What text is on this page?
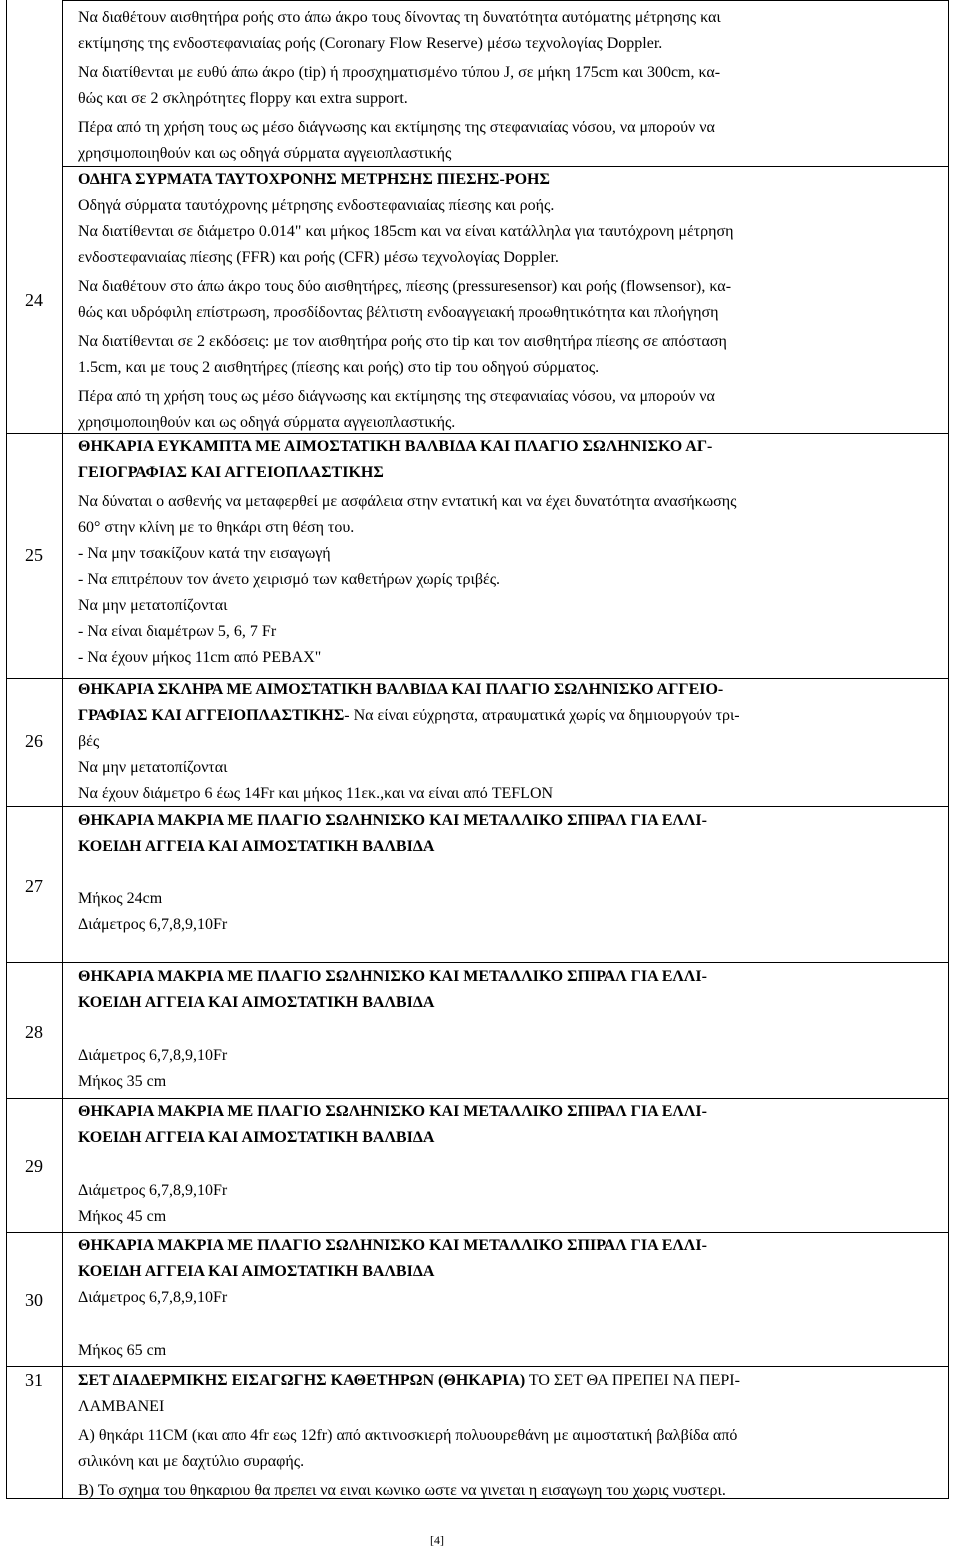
24
25
26
27
28
29
30
31

Να διαθέτουν αισθητήρα ροής στο άπω άκρο τους δίνοντας τη δυνατότητα αυτόματης μέτρησης και

εκτίμησης της ενδοστεφανιαίας ροής (Coronary Flow Reserve) μέσω τεχνολογίας Doppler.

Να διατίθενται με ευθύ άπω άκρο (tip) ή προσχηματισμένο τύπου J, σε μήκη 175cm και 300cm, κα-

θώς και σε 2 σκληρότητες floppy και extra support.

Πέρα από τη χρήση τους ως μέσο διάγνωσης και εκτίμησης της στεφανιαίας νόσου, να μπορούν να

χρησιμοποιηθούν και ως οδηγά σύρματα αγγειοπλαστικής

ΟΔΗΓΑ ΣΥΡΜΑΤΑ ΤΑΥΤΟΧΡΟΝΗΣ ΜΕΤΡΗΣΗΣ ΠΙΕΣΗΣ-ΡΟΗΣ

Οδηγά σύρματα ταυτόχρονης μέτρησης ενδοστεφανιαίας πίεσης και ροής.

Να διατίθενται σε διάμετρο 0.014" και μήκος 185cm και να είναι κατάλληλα για ταυτόχρονη μέτρηση

ενδοστεφανιαίας πίεσης (FFR) και ροής (CFR) μέσω τεχνολογίας Doppler.

Να διαθέτουν στο άπω άκρο τους δύο αισθητήρες, πίεσης (pressuresensor) και ροής (flowsensor), κα-

θώς και υδρόφιλη επίστρωση, προσδίδοντας βέλτιστη ενδοαγγειακή προωθητικότητα και πλοήγηση

Να διατίθενται σε 2 εκδόσεις: με τον αισθητήρα ροής στο tip και τον αισθητήρα πίεσης σε απόσταση

1.5cm, και με τους 2 αισθητήρες (πίεσης και ροής) στο tip του οδηγού σύρματος.

Πέρα από τη χρήση τους ως μέσο διάγνωσης και εκτίμησης της στεφανιαίας νόσου, να μπορούν να

χρησιμοποιηθούν και ως οδηγά σύρματα αγγειοπλαστικής.

ΘΗΚΑΡΙΑ ΕΥΚΑΜΠΤΑ ΜΕ ΑΙΜΟΣΤΑΤΙΚΗ ΒΑΛΒΙΔΑ ΚΑΙ ΠΛΑΓΙΟ ΣΩΛΗΝΙΣΚΟ ΑΓ-

ΓΕΙΟΓΡΑΦΙΑΣ ΚΑΙ ΑΓΓΕΙΟΠΛΑΣΤΙΚΗΣ

Να δύναται ο ασθενής να μεταφερθεί με ασφάλεια στην εντατική και να έχει δυνατότητα ανασήκωσης

60° στην κλίνη με το θηκάρι στη θέση του.

- Να μην τσακίζουν κατά την εισαγωγή

- Να επιτρέπουν τον άνετο χειρισμό των καθετήρων χωρίς τριβές.

Να μην μετατοπίζονται

- Να είναι διαμέτρων 5, 6, 7 Fr

- Να έχουν μήκος 11cm από PEBAX"

ΘΗΚΑΡΙΑ ΣΚΛΗΡΑ ΜΕ ΑΙΜΟΣΤΑΤΙΚΗ ΒΑΛΒΙΔΑ ΚΑΙ ΠΛΑΓΙΟ ΣΩΛΗΝΙΣΚΟ ΑΓΓΕΙΟ-

ΓΡΑΦΙΑΣ ΚΑΙ ΑΓΓΕΙΟΠΛΑΣΤΙΚΗΣ- Να είναι εύχρηστα, ατραυματικά χωρίς να δημιουργούν τρι-

βές

Να μην μετατοπίζονται

Να έχουν διάμετρο 6 έως 14Fr και μήκος 11εκ.,και να είναι από TEFLON

ΘΗΚΑΡΙΑ ΜΑΚΡΙΑ ΜΕ ΠΛΑΓΙΟ ΣΩΛΗΝΙΣΚΟ ΚΑΙ ΜΕΤΑΛΛΙΚΟ ΣΠΙΡΑΛ ΓΙΑ ΕΛΛΙ-

ΚΟΕΙΔΗ ΑΓΓΕΙΑ ΚΑΙ ΑΙΜΟΣΤΑΤΙΚΗ ΒΑΛΒΙΔΑ

Μήκος 24cm

Διάμετρος 6,7,8,9,10Fr

ΘΗΚΑΡΙΑ ΜΑΚΡΙΑ ΜΕ ΠΛΑΓΙΟ ΣΩΛΗΝΙΣΚΟ ΚΑΙ ΜΕΤΑΛΛΙΚΟ ΣΠΙΡΑΛ ΓΙΑ ΕΛΛΙ-

ΚΟΕΙΔΗ ΑΓΓΕΙΑ ΚΑΙ ΑΙΜΟΣΤΑΤΙΚΗ ΒΑΛΒΙΔΑ

Διάμετρος 6,7,8,9,10Fr

Μήκος 35 cm

ΘΗΚΑΡΙΑ ΜΑΚΡΙΑ ΜΕ ΠΛΑΓΙΟ ΣΩΛΗΝΙΣΚΟ ΚΑΙ ΜΕΤΑΛΛΙΚΟ ΣΠΙΡΑΛ ΓΙΑ ΕΛΛΙ-

ΚΟΕΙΔΗ ΑΓΓΕΙΑ ΚΑΙ ΑΙΜΟΣΤΑΤΙΚΗ ΒΑΛΒΙΔΑ

Διάμετρος 6,7,8,9,10Fr

Μήκος 45 cm

ΘΗΚΑΡΙΑ ΜΑΚΡΙΑ ΜΕ ΠΛΑΓΙΟ ΣΩΛΗΝΙΣΚΟ ΚΑΙ ΜΕΤΑΛΛΙΚΟ ΣΠΙΡΑΛ ΓΙΑ ΕΛΛΙ-

ΚΟΕΙΔΗ ΑΓΓΕΙΑ ΚΑΙ ΑΙΜΟΣΤΑΤΙΚΗ ΒΑΛΒΙΔΑ

Διάμετρος 6,7,8,9,10Fr

Μήκος 65 cm

ΣΕΤ ΔΙΑΔΕΡΜΙΚΗΣ ΕΙΣΑΓΩΓΗΣ ΚΑΘΕΤΗΡΩΝ (ΘΗΚΑΡΙΑ) ΤΟ ΣΕΤ ΘΑ ΠΡΕΠΕΙ ΝΑ ΠΕΡΙ-

ΛΑΜΒΑΝΕΙ

Α) θηκάρι 11CM (και απο 4fr εως 12fr) από ακτινοσκιερή πολυουρεθάνη με αιμοστατική βαλβίδα από

σιλικόνη και με δαχτύλιο συραφής.

Β) Το σχημα του θηκαριου θα πρεπει να ειναι κωνικο ωστε να γινεται η εισαγωγη του χωρις νυστερι.

[4]
